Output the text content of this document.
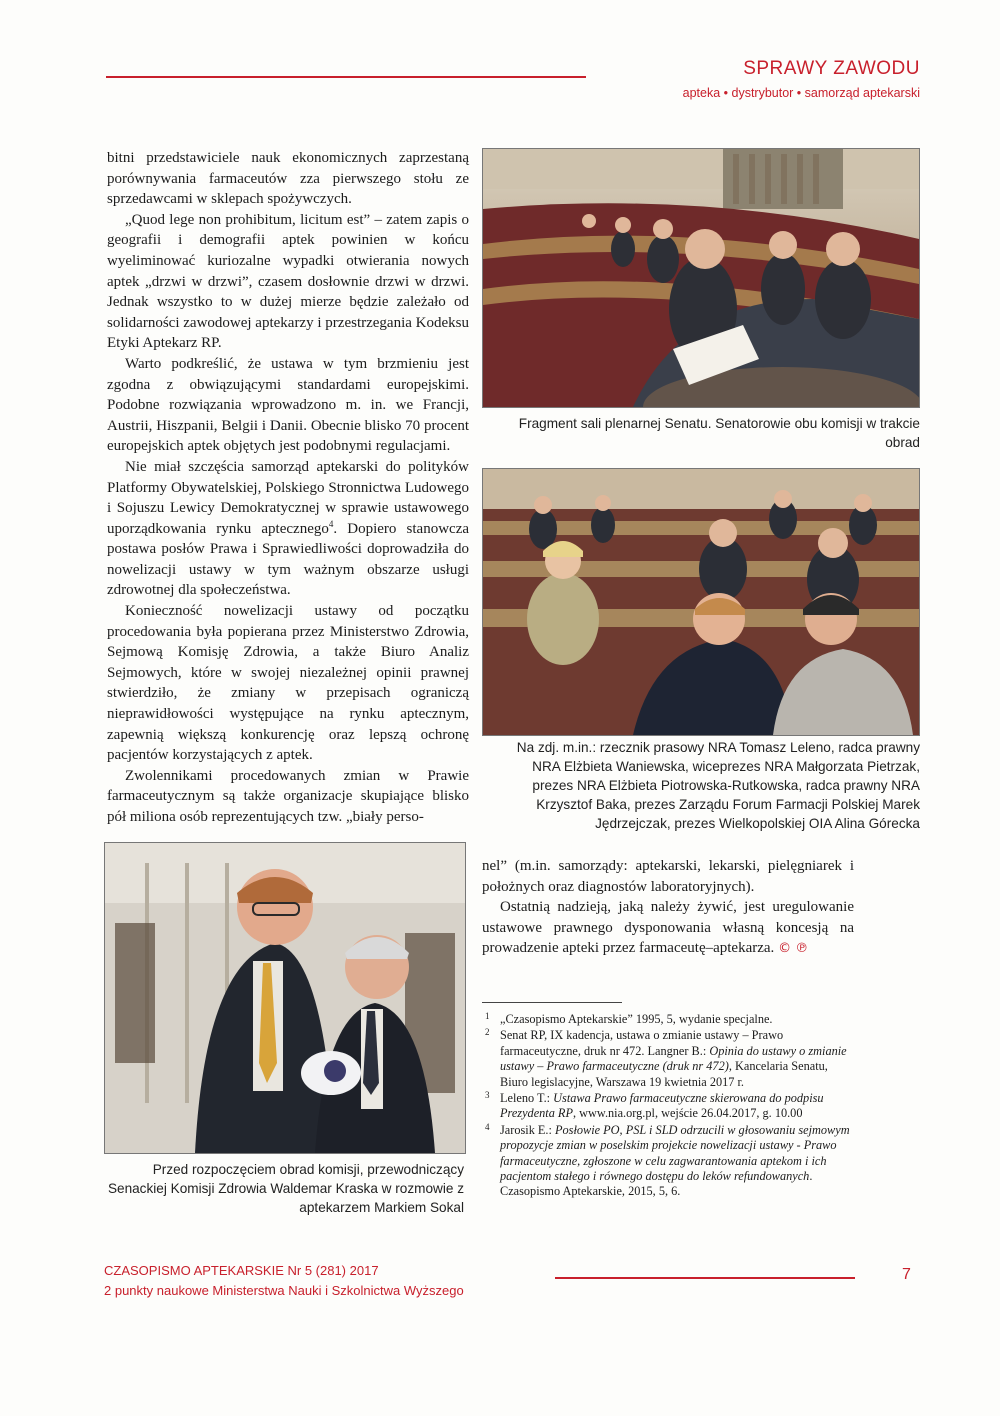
SPRAWY ZAWODU
apteka • dystrybutor • samorząd aptekarski

bitni przedstawiciele nauk ekonomicznych zaprzestaną porównywania farmaceutów zza pierwszego stołu ze sprzedawcami w sklepach spożywczych.

„Quod lege non prohibitum, licitum est” – zatem zapis o geografii i demografii aptek powinien w końcu wyeliminować kuriozalne wypadki otwierania nowych aptek „drzwi w drzwi”, czasem dosłownie drzwi w drzwi. Jednak wszystko to w dużej mierze będzie zależało od solidarności zawodowej aptekarzy i przestrzegania Kodeksu Etyki Aptekarz RP.

Warto podkreślić, że ustawa w tym brzmieniu jest zgodna z obwiązującymi standardami europejskimi. Podobne rozwiązania wprowadzono m. in. we Francji, Austrii, Hiszpanii, Belgii i Danii. Obecnie blisko 70 procent europejskich aptek objętych jest podobnymi regulacjami.

Nie miał szczęścia samorząd aptekarski do polityków Platformy Obywatelskiej, Polskiego Stronnictwa Ludowego i Sojuszu Lewicy Demokratycznej w sprawie ustawowego uporządkowania rynku aptecznego$^4$. Dopiero stanowcza postawa posłów Prawa i Sprawiedliwości doprowadziła do nowelizacji ustawy w tym ważnym obszarze usługi zdrowotnej dla społeczeństwa.

Konieczność nowelizacji ustawy od początku procedowania była popierana przez Ministerstwo Zdrowia, Sejmową Komisję Zdrowia, a także Biuro Analiz Sejmowych, które w swojej niezależnej opinii prawnej stwierdziło, że zmiany w przepisach ograniczą nieprawidłowości występujące na rynku aptecznym, zapewnią większą konkurencję oraz lepszą ochronę pacjentów korzystających z aptek.

Zwolennikami procedowanych zmian w Prawie farmaceutycznym są także organizacje skupiające blisko pół miliona osób reprezentujących tzw. „biały perso-

Fragment sali plenarnej Senatu. Senatorowie obu komisji w trakcie obrad
Na zdj. m.in.: rzecznik prasowy NRA Tomasz Leleno, radca prawny NRA Elżbieta Waniewska, wiceprezes NRA Małgorzata Pietrzak, prezes NRA Elżbieta Piotrowska-Rutkowska, radca prawny NRA Krzysztof Baka, prezes Zarządu Forum Farmacji Polskiej Marek Jędrzejczak, prezes Wielkopolskiej OIA Alina Górecka
Przed rozpoczęciem obrad komisji, przewodniczący Senackiej Komisji Zdrowia Waldemar Kraska w rozmowie z aptekarzem Markiem Sokal

nel” (m.in. samorządy: aptekarski, lekarski, pielęgniarek i położnych oraz diagnostów laboratoryjnych).

Ostatnią nadzieją, jaką należy żywić, jest uregulowanie ustawowe prawnego dysponowania własną koncesją na prowadzenie apteki przez farmaceutę–aptekarza. © ℗

1 „Czasopismo Aptekarskie” 1995, 5, wydanie specjalne.
2 Senat RP, IX kadencja, ustawa o zmianie ustawy – Prawo farmaceutyczne, druk nr 472. Langner B.: Opinia do ustawy o zmianie ustawy – Prawo farmaceutyczne (druk nr 472), Kancelaria Senatu, Biuro legislacyjne, Warszawa 19 kwietnia 2017 r.
3 Leleno T.: Ustawa Prawo farmaceutyczne skierowana do podpisu Prezydenta RP, www.nia.org.pl, wejście 26.04.2017, g. 10.00
4 Jarosik E.: Posłowie PO, PSL i SLD odrzucili w głosowaniu sejmowym propozycje zmian w poselskim projekcie nowelizacji ustawy - Prawo farmaceutyczne, zgłoszone w celu zagwarantowania aptekom i ich pacjentom stałego i równego dostępu do leków refundowanych. Czasopismo Aptekarskie, 2015, 5, 6.
CZASOPISMO APTEKARSKIE Nr 5 (281) 2017
2 punkty naukowe Ministerstwa Nauki i Szkolnictwa Wyższego
7
